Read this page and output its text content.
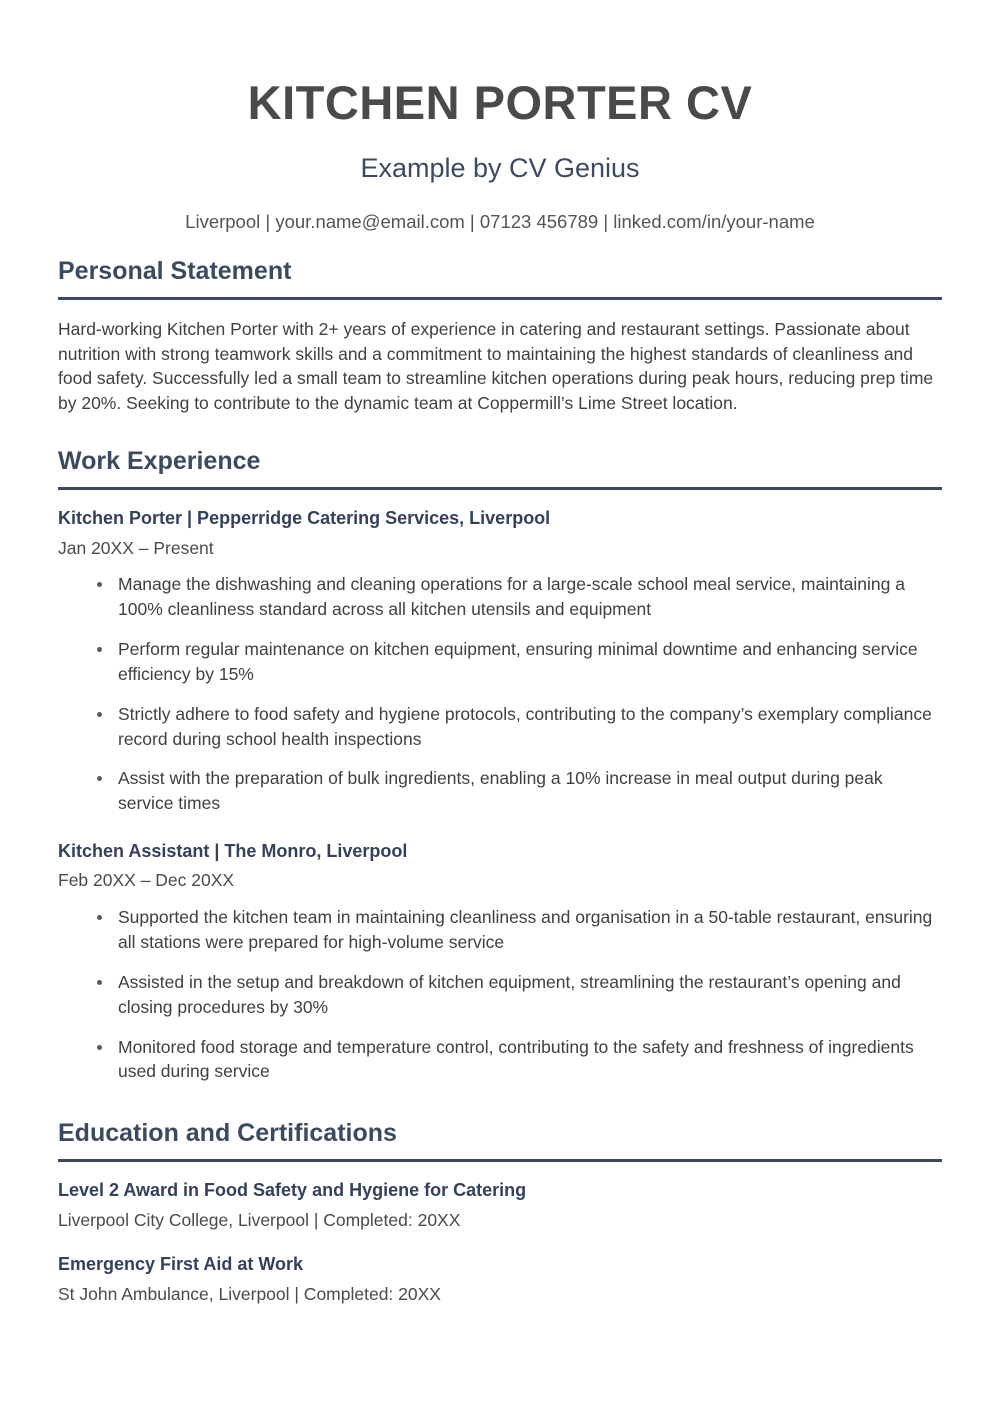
KITCHEN PORTER CV
Example by CV Genius
Liverpool | your.name@email.com | 07123 456789 | linked.com/in/your-name
Personal Statement

Hard-working Kitchen Porter with 2+ years of experience in catering and restaurant settings. Passionate about nutrition with strong teamwork skills and a commitment to maintaining the highest standards of cleanliness and food safety. Successfully led a small team to streamline kitchen operations during peak hours, reducing prep time by 20%. Seeking to contribute to the dynamic team at Coppermill’s Lime Street location.

Work Experience
Kitchen Porter | Pepperridge Catering Services, Liverpool
Jan 20XX – Present
Manage the dishwashing and cleaning operations for a large-scale school meal service, maintaining a 100% cleanliness standard across all kitchen utensils and equipment
Perform regular maintenance on kitchen equipment, ensuring minimal downtime and enhancing service efficiency by 15%
Strictly adhere to food safety and hygiene protocols, contributing to the company’s exemplary compliance record during school health inspections
Assist with the preparation of bulk ingredients, enabling a 10% increase in meal output during peak service times
Kitchen Assistant | The Monro, Liverpool
Feb 20XX – Dec 20XX
Supported the kitchen team in maintaining cleanliness and organisation in a 50-table restaurant, ensuring all stations were prepared for high-volume service
Assisted in the setup and breakdown of kitchen equipment, streamlining the restaurant’s opening and closing procedures by 30%
Monitored food storage and temperature control, contributing to the safety and freshness of ingredients used during service
Education and Certifications
Level 2 Award in Food Safety and Hygiene for Catering
Liverpool City College, Liverpool | Completed: 20XX
Emergency First Aid at Work
St John Ambulance, Liverpool | Completed: 20XX
